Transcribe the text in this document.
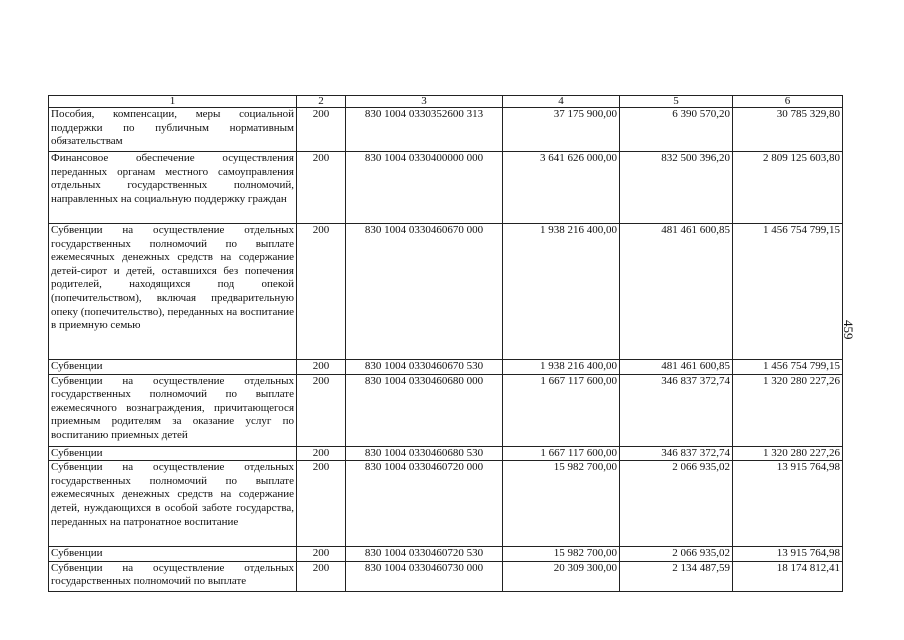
1	2	3	4	5	6
Пособия, компенсации, меры социальной поддержки по публичным нормативным обязательствам	200	830 1004 0330352600 313	37 175 900,00	6 390 570,20	30 785 329,80
Финансовое обеспечение осуществления переданных органам местного самоуправления отдельных государственных полномочий, направленных на социальную поддержку граждан	200	830 1004 0330400000 000	3 641 626 000,00	832 500 396,20	2 809 125 603,80
Субвенции на осуществление отдельных государственных полномочий по выплате ежемесячных денежных средств на содержание детей-сирот и детей, оставшихся без попечения родителей, находящихся под опекой (попечительством), включая предварительную опеку (попечительство), переданных на воспитание в приемную семью	200	830 1004 0330460670 000	1 938 216 400,00	481 461 600,85	1 456 754 799,15
Субвенции	200	830 1004 0330460670 530	1 938 216 400,00	481 461 600,85	1 456 754 799,15
Субвенции на осуществление отдельных государственных полномочий по выплате ежемесячного вознаграждения, причитающегося приемным родителям за оказание услуг по воспитанию приемных детей	200	830 1004 0330460680 000	1 667 117 600,00	346 837 372,74	1 320 280 227,26
Субвенции	200	830 1004 0330460680 530	1 667 117 600,00	346 837 372,74	1 320 280 227,26
Субвенции на осуществление отдельных государственных полномочий по выплате ежемесячных денежных средств на содержание детей, нуждающихся в особой заботе государства, переданных на патронатное воспитание	200	830 1004 0330460720 000	15 982 700,00	2 066 935,02	13 915 764,98
Субвенции	200	830 1004 0330460720 530	15 982 700,00	2 066 935,02	13 915 764,98
Субвенции на осуществление отдельных государственных полномочий по выплате	200	830 1004 0330460730 000	20 309 300,00	2 134 487,59	18 174 812,41
459
